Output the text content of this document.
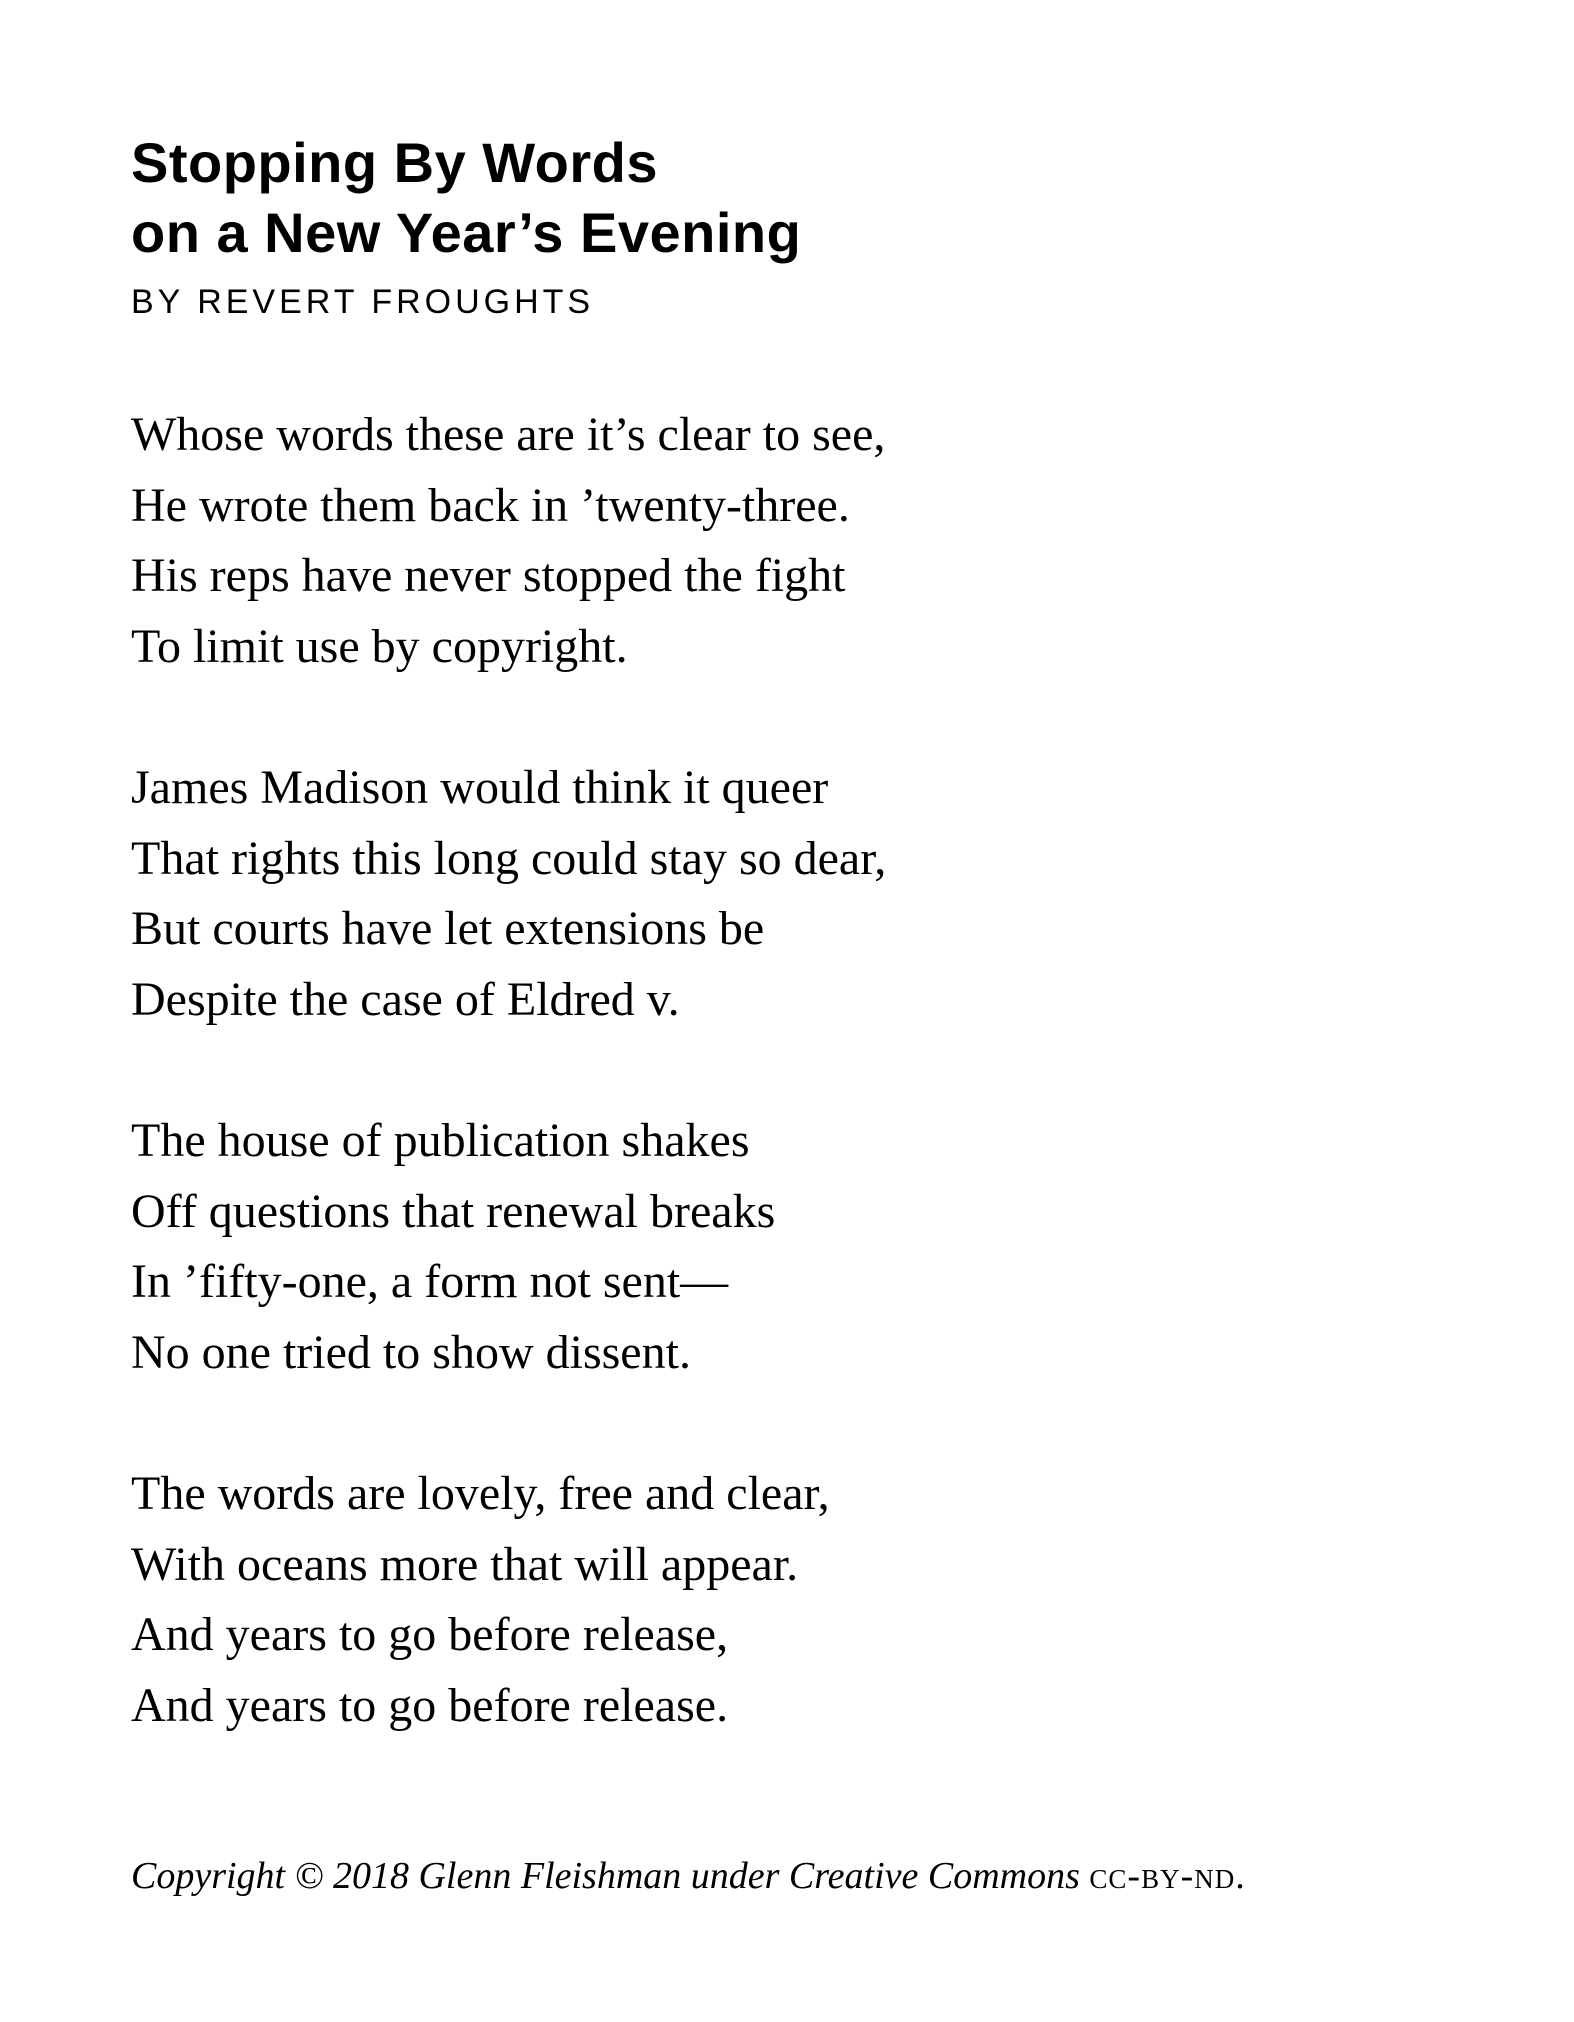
Stopping By Words
on a New Year’s Evening
BY REVERT FROUGHTS
Whose words these are it’s clear to see,
He wrote them back in ’twenty-three.
His reps have never stopped the fight
To limit use by copyright.
James Madison would think it queer
That rights this long could stay so dear,
But courts have let extensions be
Despite the case of Eldred v.
The house of publication shakes
Off questions that renewal breaks
In ’fifty-one, a form not sent—
No one tried to show dissent.
The words are lovely, free and clear,
With oceans more that will appear.
And years to go before release,
And years to go before release.
Copyright © 2018 Glenn Fleishman under Creative Commons cc-by-nd.
